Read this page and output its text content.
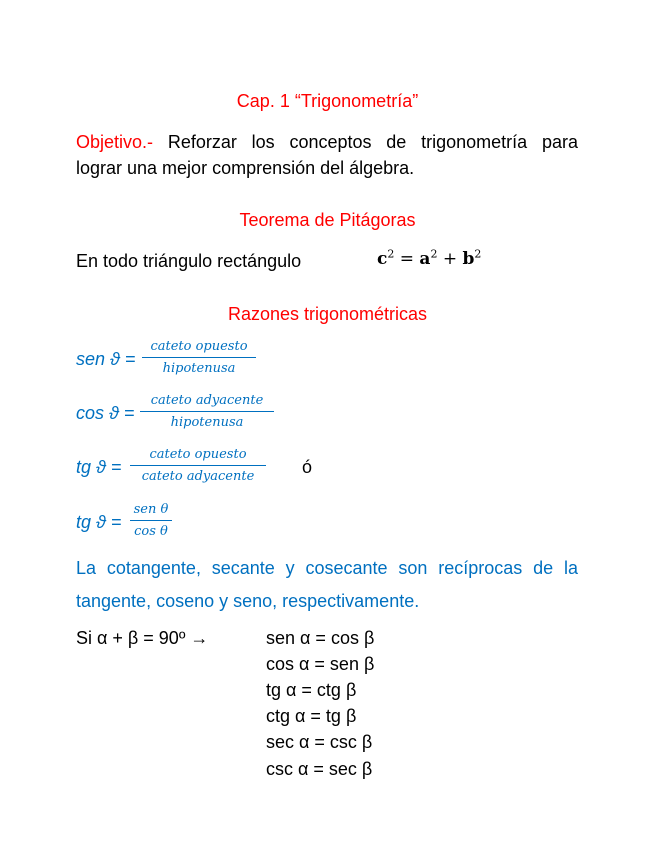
Cap. 1 “Trigonometría”
Objetivo.- Reforzar los conceptos de trigonometría para
lograr una mejor comprensión del álgebra.
Teorema de Pitágoras
En todo triángulo rectángulo	$c^2 = a^2 + b^2$
Razones trigonométricas
sen ϑ =
cateto opuesto
hipotenusa
cos ϑ =
cateto adyacente
hipotenusa
tg ϑ =
cateto opuesto
cateto adyacente	ó
tg ϑ =
sen θ
cos θ
La cotangente, secante y cosecante son recíprocas de la
tangente, coseno y seno, respectivamente.
Si α + β = 90º →	sen α = cos β
cos α = sen β
tg α = ctg β
ctg α = tg β
sec α = csc β
csc α = sec β
